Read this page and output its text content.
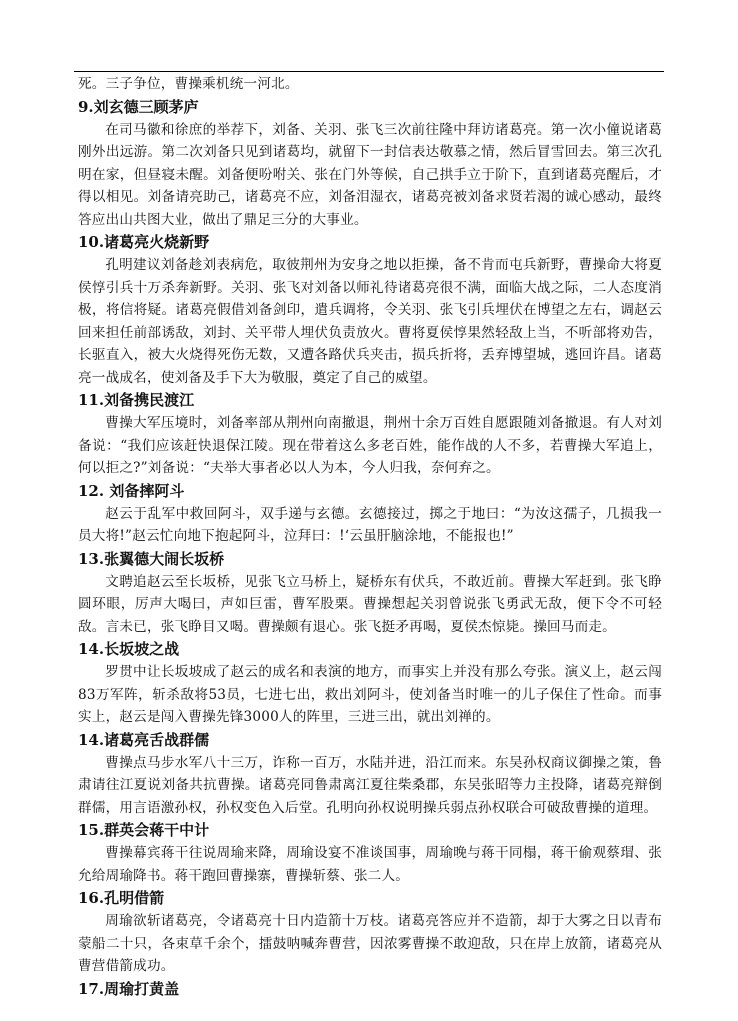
死。三子争位，曹操乘机统一河北。

9.刘玄德三顾茅庐

在司马徽和徐庶的举荐下，刘备、关羽、张飞三次前往隆中拜访诸葛亮。第一次小僮说诸葛刚外出远游。第二次刘备只见到诸葛均，就留下一封信表达敬慕之情，然后冒雪回去。第三次孔明在家，但昼寝未醒。刘备便吩咐关、张在门外等候，自己拱手立于阶下，直到诸葛亮醒后，才得以相见。刘备请亮助己，诸葛亮不应，刘备泪湿衣，诸葛亮被刘备求贤若渴的诚心感动，最终答应出山共图大业，做出了鼎足三分的大事业。

10.诸葛亮火烧新野

孔明建议刘备趁刘表病危，取彼荆州为安身之地以拒操，备不肯而屯兵新野，曹操命大将夏侯惇引兵十万杀奔新野。关羽、张飞对刘备以师礼待诸葛亮很不满，面临大战之际，二人态度消极，将信将疑。诸葛亮假借刘备剑印，遣兵调将，令关羽、张飞引兵埋伏在博望之左右，调赵云回来担任前部诱敌，刘封、关平带人埋伏负责放火。曹将夏侯惇果然轻敌上当，不听部将劝告，长驱直入，被大火烧得死伤无数，又遭各路伏兵夹击，损兵折将，丢弃博望城，逃回许昌。诸葛亮一战成名，使刘备及手下大为敬服，奠定了自己的威望。

11.刘备携民渡江

曹操大军压境时，刘备率部从荆州向南撤退，荆州十余万百姓自愿跟随刘备撤退。有人对刘备说：“我们应该赶快退保江陵。现在带着这么多老百姓，能作战的人不多，若曹操大军追上，何以拒之?”刘备说：“夫举大事者必以人为本，今人归我，奈何弃之。

12. 刘备摔阿斗

赵云于乱军中救回阿斗，双手递与玄德。玄德接过，掷之于地曰：“为汝这孺子，几损我一员大将!”赵云忙向地下抱起阿斗，泣拜曰：!‘云虽肝脑涂地，不能报也!”

13.张翼德大闹长坂桥

文聘追赵云至长坂桥，见张飞立马桥上，疑桥东有伏兵，不敢近前。曹操大军赶到。张飞睁圆环眼，厉声大喝曰，声如巨雷，曹军股栗。曹操想起关羽曾说张飞勇武无敌，便下令不可轻敌。言未已，张飞睁目又喝。曹操颇有退心。张飞挺矛再喝，夏侯杰惊毙。操回马而走。

14.长坂坡之战

罗贯中让长坂坡成了赵云的成名和表演的地方，而事实上并没有那么夸张。演义上，赵云闯83万军阵，斩杀敌将53员，七进七出，救出刘阿斗，使刘备当时唯一的儿子保住了性命。而事实上，赵云是闯入曹操先锋3000人的阵里，三进三出，就出刘禅的。

14.诸葛亮舌战群儒

曹操点马步水军八十三万，诈称一百万，水陆并进，沿江而来。东吴孙权商议御操之策，鲁肃请往江夏说刘备共抗曹操。诸葛亮同鲁肃离江夏往柴桑郡，东吴张昭等力主投降，诸葛亮辩倒群儒，用言语激孙权，孙权变色入后堂。孔明向孙权说明操兵弱点孙权联合可破敌曹操的道理。

15.群英会蒋干中计

曹操幕宾蒋干往说周瑜来降，周瑜设宴不准谈国事，周瑜晚与蒋干同榻，蒋干偷观蔡瑁、张允给周瑜降书。蒋干跑回曹操寨，曹操斩蔡、张二人。

16.孔明借箭

周瑜欲斩诸葛亮，令诸葛亮十日内造箭十万枝。诸葛亮答应并不造箭，却于大雾之日以青布蒙船二十只，各束草千余个，擂鼓呐喊奔曹营，因浓雾曹操不敢迎敌，只在岸上放箭，诸葛亮从曹营借箭成功。

17.周瑜打黄盖
